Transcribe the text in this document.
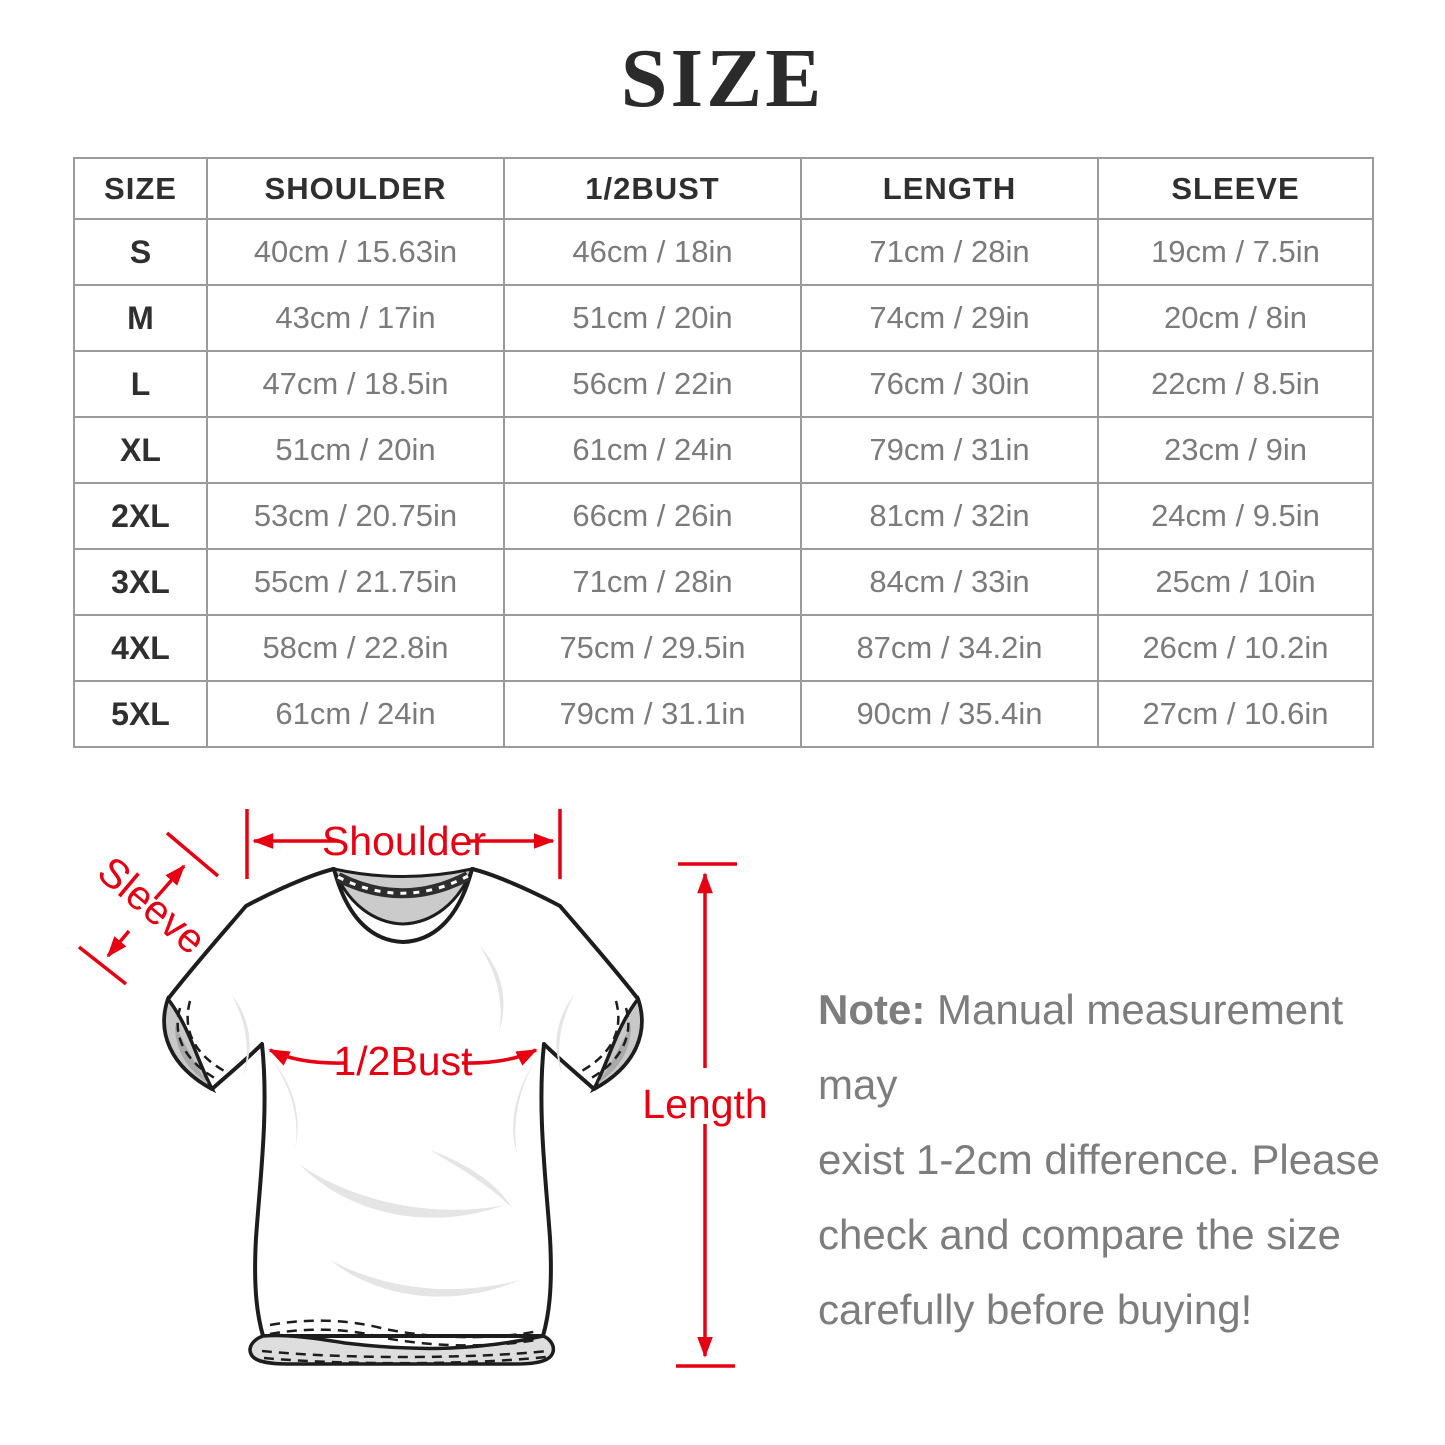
SIZE
SIZE	SHOULDER	1/2BUST	LENGTH	SLEEVE
S	40cm / 15.63in	46cm / 18in	71cm / 28in	19cm / 7.5in
M	43cm / 17in	51cm / 20in	74cm / 29in	20cm / 8in
L	47cm / 18.5in	56cm / 22in	76cm / 30in	22cm / 8.5in
XL	51cm / 20in	61cm / 24in	79cm / 31in	23cm / 9in
2XL	53cm / 20.75in	66cm / 26in	81cm / 32in	24cm / 9.5in
3XL	55cm / 21.75in	71cm / 28in	84cm / 33in	25cm / 10in
4XL	58cm / 22.8in	75cm / 29.5in	87cm / 34.2in	26cm / 10.2in
5XL	61cm / 24in	79cm / 31.1in	90cm / 35.4in	27cm / 10.6in
Shoulder
Sleeve
1/2Bust
Length
Note: Manual measurement may
exist 1-2cm difference. Please
check and compare the size
carefully before buying!
